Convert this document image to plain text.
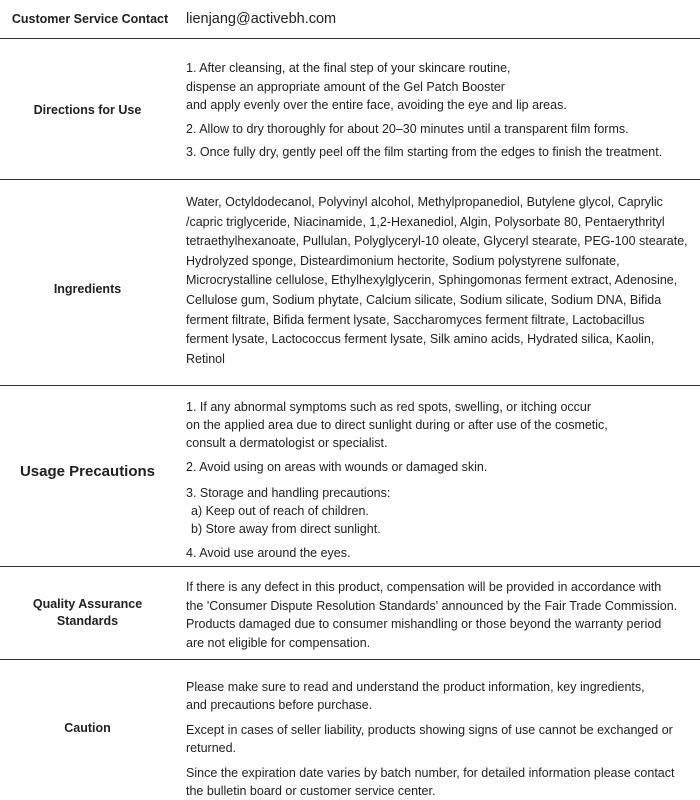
Customer Service Contact	lienjang@activebh.com
Directions for Use

1. After cleansing, at the final step of your skincare routine,
dispense an appropriate amount of the Gel Patch Booster
and apply evenly over the entire face, avoiding the eye and lip areas.

2. Allow to dry thoroughly for about 20–30 minutes until a transparent film forms.

3. Once fully dry, gently peel off the film starting from the edges to finish the treatment.

Ingredients

Water, Octyldodecanol, Polyvinyl alcohol, Methylpropanediol, Butylene glycol, Caprylic
/capric triglyceride, Niacinamide, 1,2-Hexanediol, Algin, Polysorbate 80, Pentaerythrityl
tetraethylhexanoate, Pullulan, Polyglyceryl-10 oleate, Glyceryl stearate, PEG-100 stearate,
Hydrolyzed sponge, Disteardimonium hectorite, Sodium polystyrene sulfonate,
Microcrystalline cellulose, Ethylhexylglycerin, Sphingomonas ferment extract, Adenosine,
Cellulose gum, Sodium phytate, Calcium silicate, Sodium silicate, Sodium DNA, Bifida
ferment filtrate, Bifida ferment lysate, Saccharomyces ferment filtrate, Lactobacillus
ferment lysate, Lactococcus ferment lysate, Silk amino acids, Hydrated silica, Kaolin,
Retinol

Usage Precautions

1. If any abnormal symptoms such as red spots, swelling, or itching occur
on the applied area due to direct sunlight during or after use of the cosmetic,
consult a dermatologist or specialist.

2. Avoid using on areas with wounds or damaged skin.

3. Storage and handling precautions:

a) Keep out of reach of children.

b) Store away from direct sunlight.

4. Avoid use around the eyes.

Quality Assurance
Standards

If there is any defect in this product, compensation will be provided in accordance with
the 'Consumer Dispute Resolution Standards' announced by the Fair Trade Commission.
Products damaged due to consumer mishandling or those beyond the warranty period
are not eligible for compensation.

Caution

Please make sure to read and understand the product information, key ingredients,
and precautions before purchase.

Except in cases of seller liability, products showing signs of use cannot be exchanged or returned.

Since the expiration date varies by batch number, for detailed information please contact
the bulletin board or customer service center.
